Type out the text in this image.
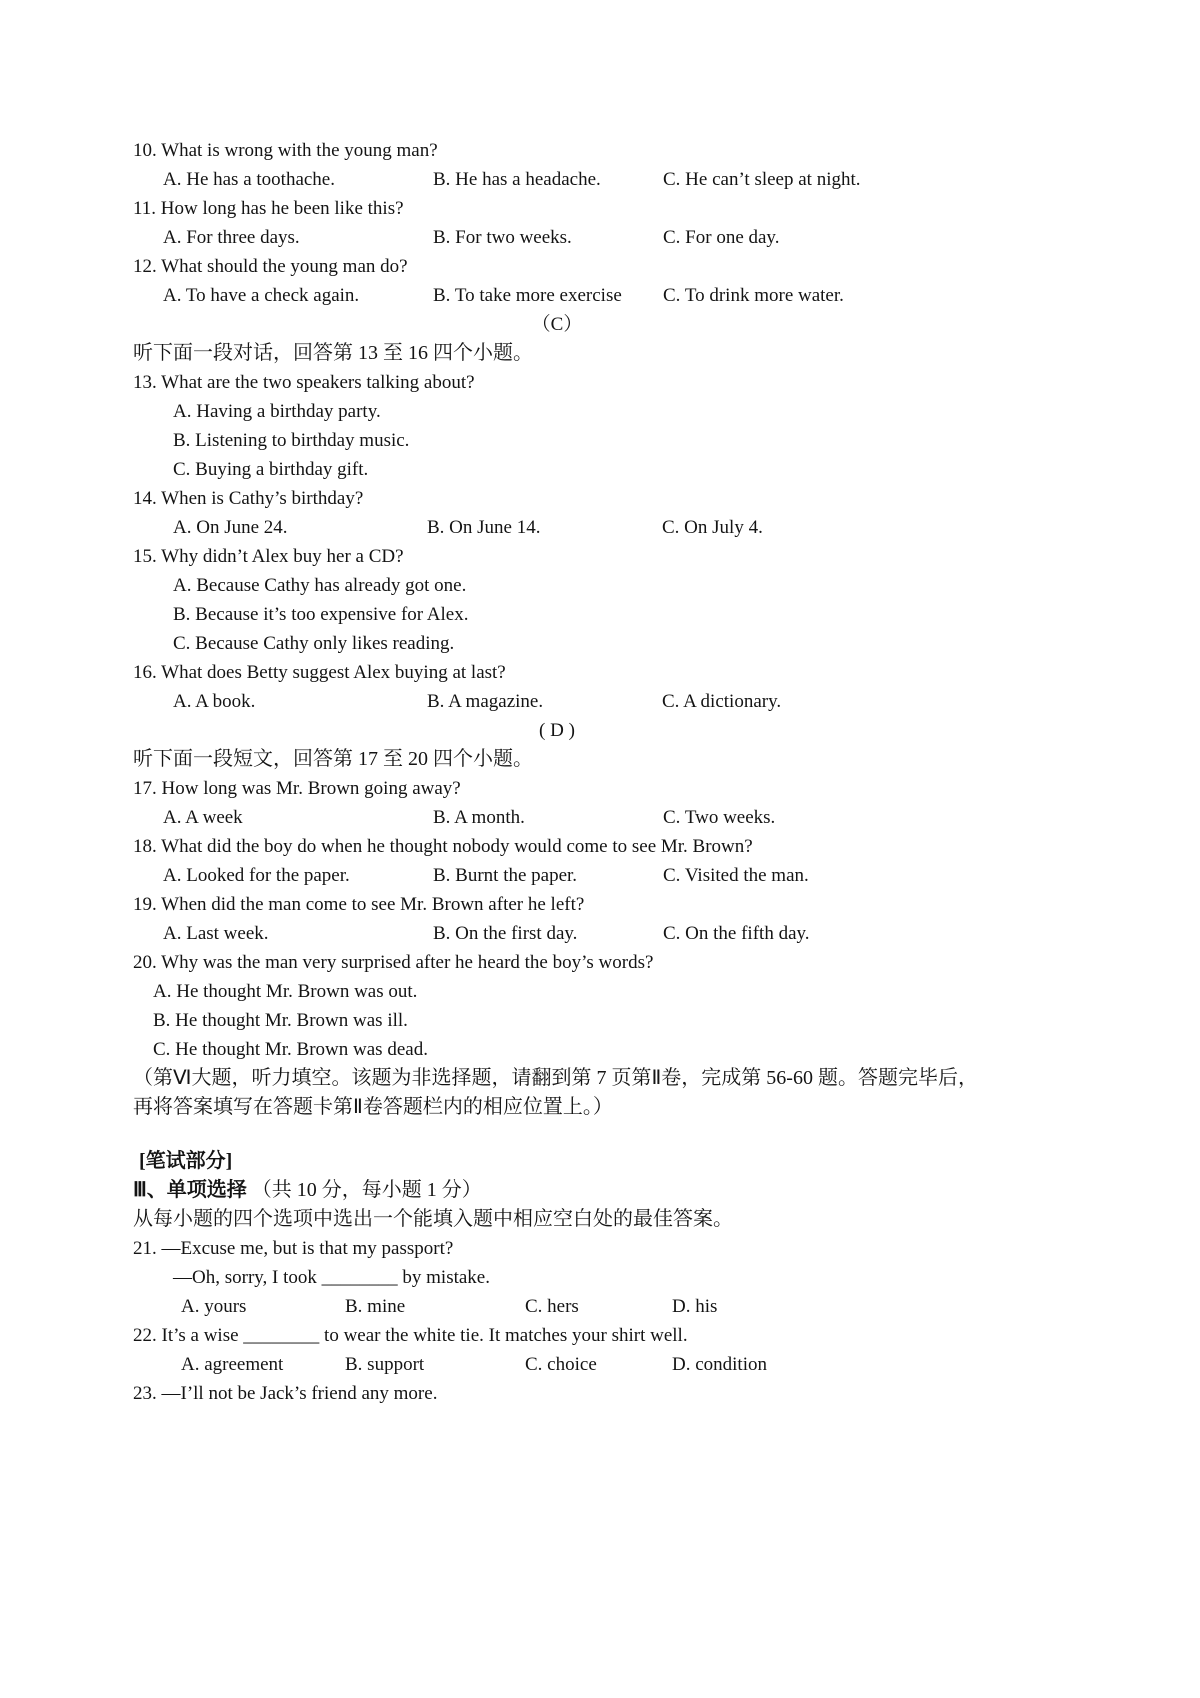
10. What is wrong with the young man?
A. He has a toothache.	B. He has a headache.	C. He can’t sleep at night.
11. How long has he been like this?
A. For three days.	B. For two weeks.	C. For one day.
12. What should the young man do?
A. To have a check again.	B. To take more exercise	C. To drink more water.
（C）
听下面一段对话，回答第 13 至 16 四个小题。
13. What are the two speakers talking about?
A. Having a birthday party.
B. Listening to birthday music.
C. Buying a birthday gift.
14. When is Cathy’s birthday?
A. On June 24.	B. On June 14.	C. On July 4.
15. Why didn’t Alex buy her a CD?
A. Because Cathy has already got one.
B. Because it’s too expensive for Alex.
C. Because Cathy only likes reading.
16. What does Betty suggest Alex buying at last?
A. A book.	B. A magazine.	C. A dictionary.
( D )
听下面一段短文，回答第 17 至 20 四个小题。
17. How long was Mr. Brown going away?
A. A week	B. A month.	C. Two weeks.
18. What did the boy do when he thought nobody would come to see Mr. Brown?
A. Looked for the paper.	B. Burnt the paper.	C. Visited the man.
19. When did the man come to see Mr. Brown after he left?
A. Last week.	B. On the first day.	C. On the fifth day.
20. Why was the man very surprised after he heard the boy’s words?
A. He thought Mr. Brown was out.
B. He thought Mr. Brown was ill.
C. He thought Mr. Brown was dead.
（第Ⅵ大题，听力填空。该题为非选择题，请翻到第 7 页第Ⅱ卷，完成第 56-60 题。答题完毕后，
再将答案填写在答题卡第Ⅱ卷答题栏内的相应位置上。）
[笔试部分]
Ⅲ、单项选择 （共 10 分，每小题 1 分）
从每小题的四个选项中选出一个能填入题中相应空白处的最佳答案。
21. —Excuse me, but is that my passport?
—Oh, sorry, I took ________ by mistake.
A. yours	B. mine	C. hers	D. his
22. It’s a wise ________ to wear the white tie. It matches your shirt well.
A. agreement	B. support	C. choice	D. condition
23. —I’ll not be Jack’s friend any more.
